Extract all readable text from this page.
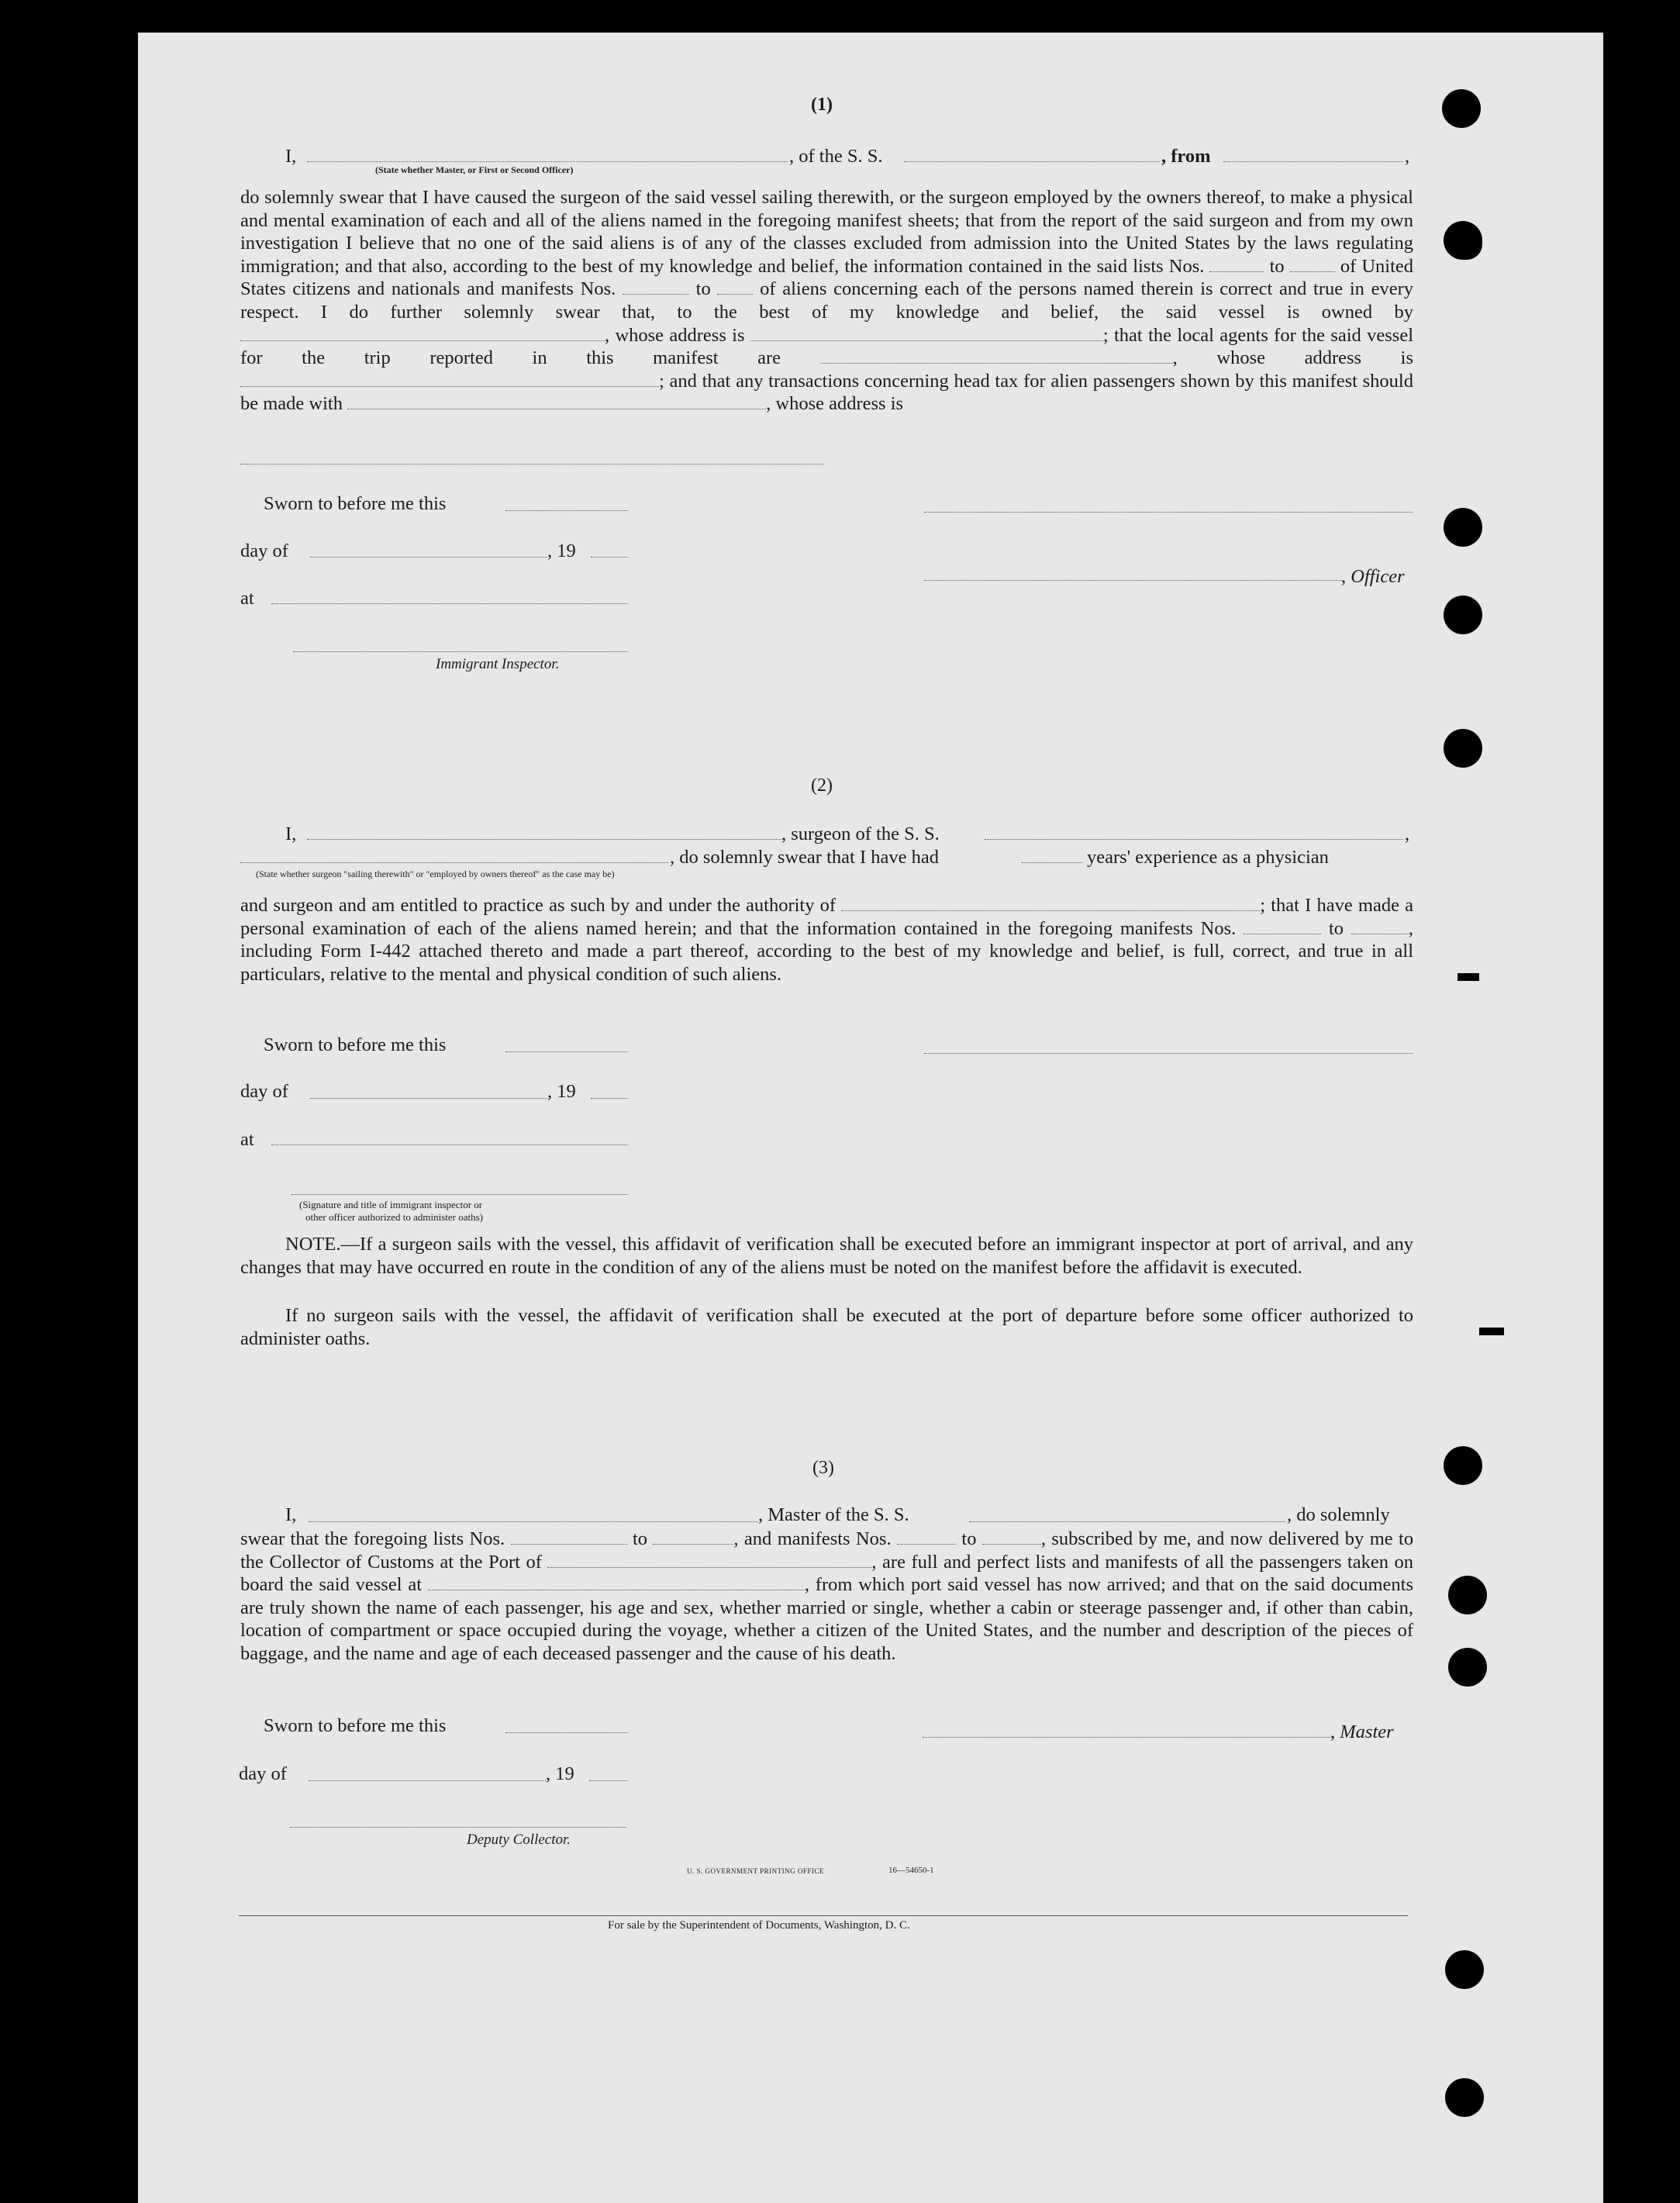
(1)
I,	, of the S. S.	, from	,
(State whether Master, or First or Second Officer)
do solemnly swear that I have caused the surgeon of the said vessel sailing therewith, or the surgeon employed by the owners thereof, to make a physical and mental examination of each and all of the aliens named in the foregoing manifest sheets; that from the report of the said surgeon and from my own investigation I believe that no one of the said aliens is of any of the classes excluded from admission into the United States by the laws regulating immigration; and that also, according to the best of my knowledge and belief, the information contained in the said lists Nos.	to	of United States citizens and nationals and manifests Nos.	to	of aliens concerning each of the persons named therein is correct and true in every respect. I do further solemnly swear that, to the best of my knowledge and belief, the said vessel is owned by , whose address is	; that the local agents for the said vessel for the trip reported in this manifest are	, whose address is ; and that any transactions concerning head tax for alien passengers shown by this manifest should be made with	, whose address is
Sworn to before me this
day of	, 19
at
Immigrant Inspector.
, Officer
(2)
I,	, surgeon of the S. S.	,
, do solemnly swear that I have had	years' experience as a physician
(State whether surgeon "sailing therewith" or "employed by owners thereof" as the case may be)
and surgeon and am entitled to practice as such by and under the authority of	; that I have made a personal examination of each of the aliens named herein; and that the information contained in the foregoing manifests Nos.	to	, including Form I-442 attached thereto and made a part thereof, according to the best of my knowledge and belief, is full, correct, and true in all particulars, relative to the mental and physical condition of such aliens.
Sworn to before me this
day of	, 19
at
(Signature and title of immigrant inspector or
other officer authorized to administer oaths)
NOTE.—If a surgeon sails with the vessel, this affidavit of verification shall be executed before an immigrant inspector at port of arrival, and any changes that may have occurred en route in the condition of any of the aliens must be noted on the manifest before the affidavit is executed.
If no surgeon sails with the vessel, the affidavit of verification shall be executed at the port of departure before some officer authorized to administer oaths.
(3)
I,	, Master of the S. S.	, do solemnly
swear that the foregoing lists Nos.	to	, and manifests Nos.	to	, subscribed by me, and now delivered by me to the Collector of Customs at the Port of	, are full and perfect lists and manifests of all the passengers taken on board the said vessel at	, from which port said vessel has now arrived; and that on the said documents are truly shown the name of each passenger, his age and sex, whether married or single, whether a cabin or steerage passenger and, if other than cabin, location of compartment or space occupied during the voyage, whether a citizen of the United States, and the number and description of the pieces of baggage, and the name and age of each deceased passenger and the cause of his death.
Sworn to before me this	, Master
day of	, 19
Deputy Collector.
U. S. GOVERNMENT PRINTING OFFICE	16—54650-1
For sale by the Superintendent of Documents, Washington, D. C.
